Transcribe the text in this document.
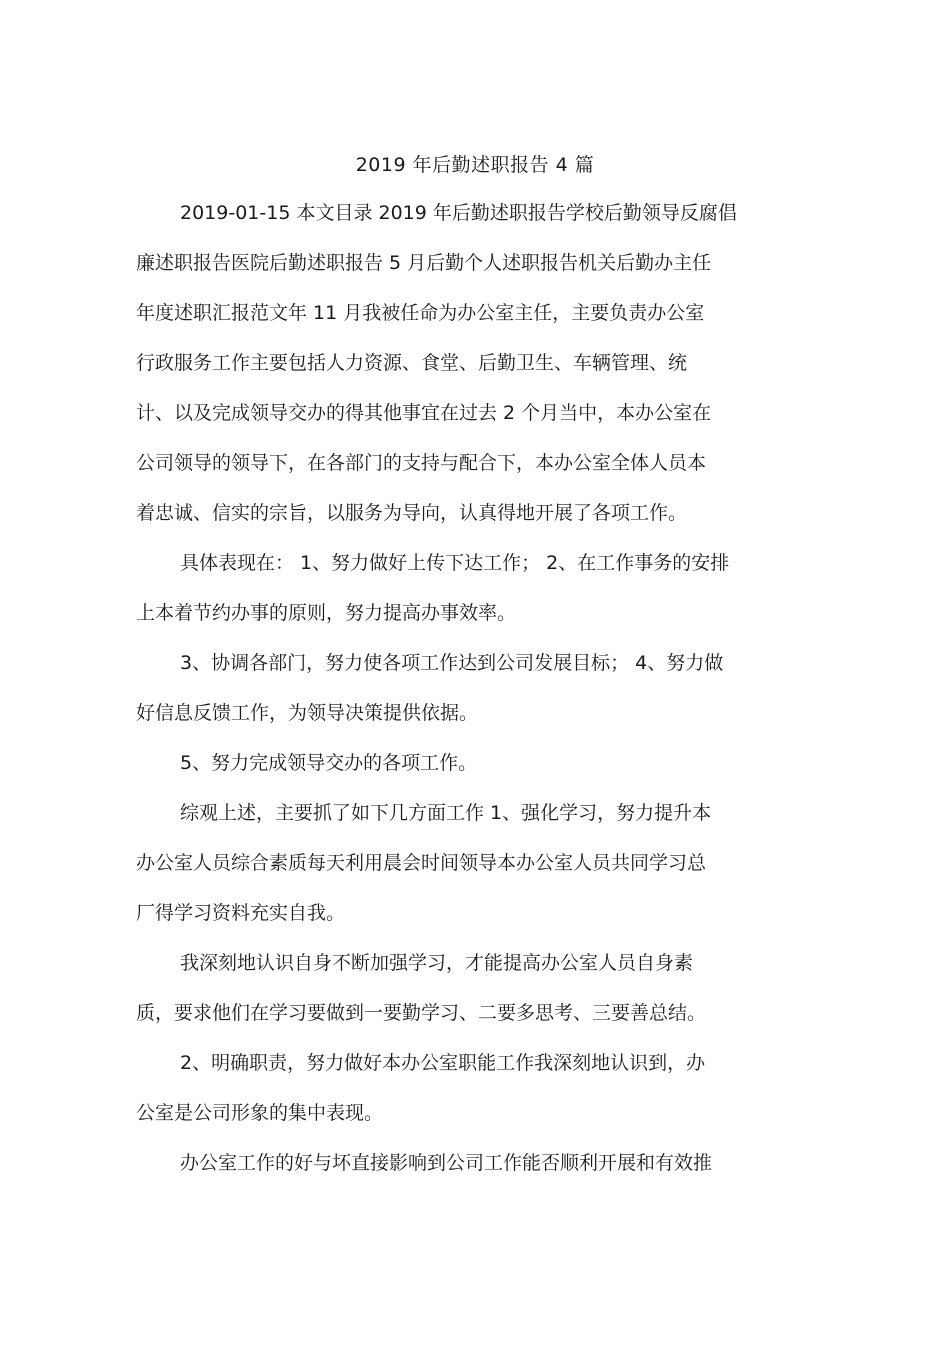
2019 年后勤述职报告 4 篇
2019-01-15 本文目录 2019 年后勤述职报告学校后勤领导反腐倡
廉述职报告医院后勤述职报告 5 月后勤个人述职报告机关后勤办主任
年度述职汇报范文年 11 月我被任命为办公室主任，主要负责办公室
行政服务工作主要包括人力资源、食堂、后勤卫生、车辆管理、统
计、以及完成领导交办的得其他事宜在过去 2 个月当中，本办公室在
公司领导的领导下，在各部门的支持与配合下，本办公室全体人员本
着忠诚、信实的宗旨，以服务为导向，认真得地开展了各项工作。
具体表现在： 1、努力做好上传下达工作； 2、在工作事务的安排
上本着节约办事的原则，努力提高办事效率。
3、协调各部门，努力使各项工作达到公司发展目标； 4、努力做
好信息反馈工作，为领导决策提供依据。
5、努力完成领导交办的各项工作。
综观上述，主要抓了如下几方面工作 1、强化学习，努力提升本
办公室人员综合素质每天利用晨会时间领导本办公室人员共同学习总
厂得学习资料充实自我。
我深刻地认识自身不断加强学习，才能提高办公室人员自身素
质，要求他们在学习要做到一要勤学习、二要多思考、三要善总结。
2、明确职责，努力做好本办公室职能工作我深刻地认识到，办
公室是公司形象的集中表现。
办公室工作的好与坏直接影响到公司工作能否顺利开展和有效推
